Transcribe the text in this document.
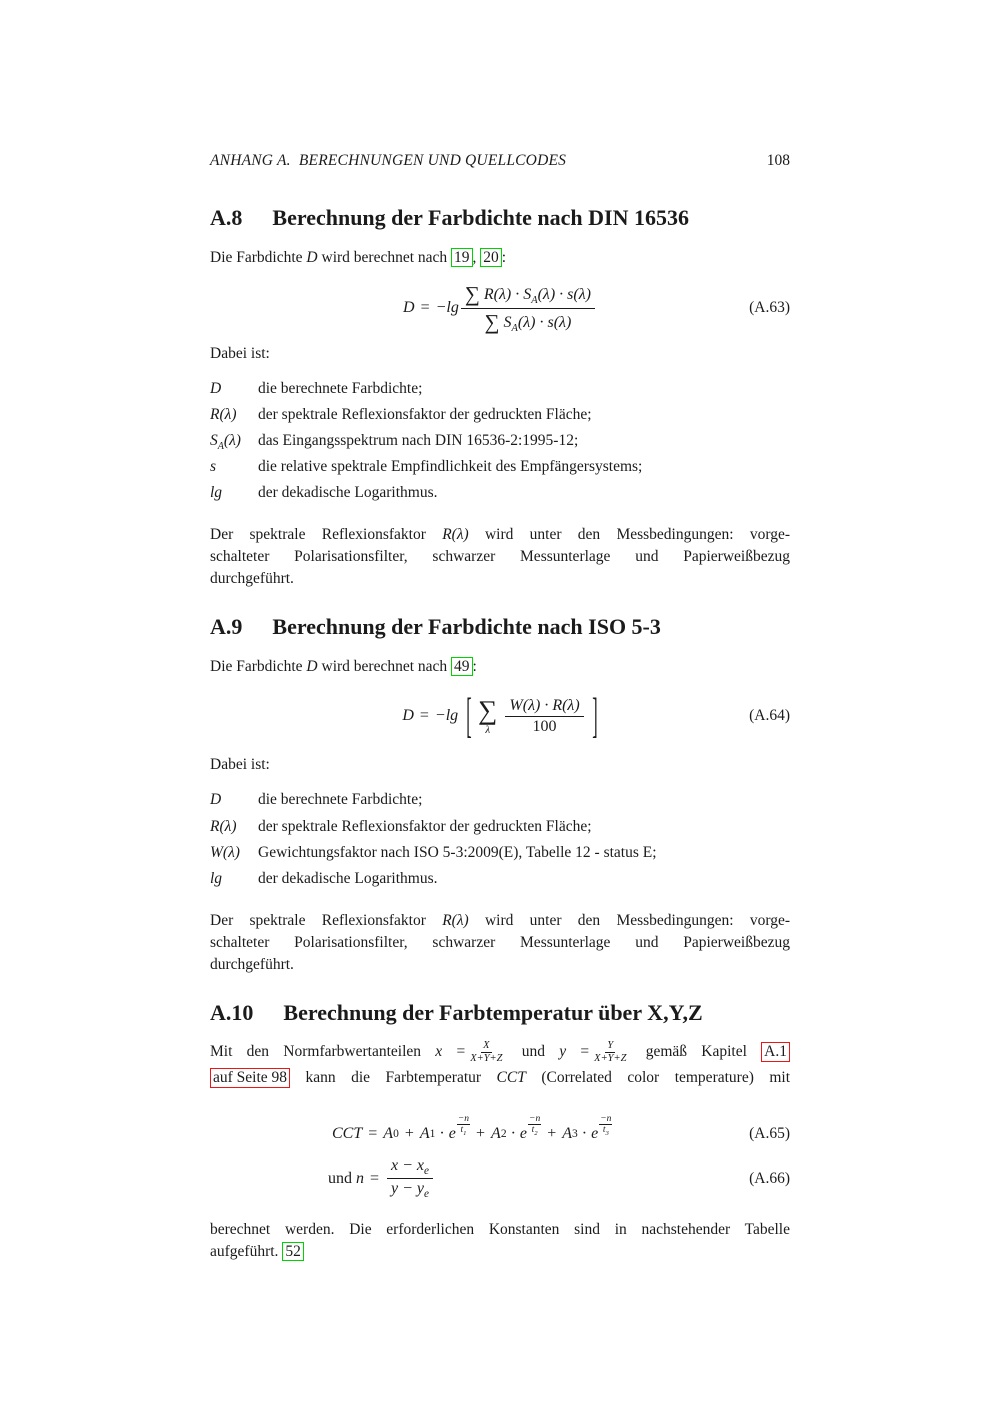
ANHANG A.  BERECHNUNGEN UND QUELLCODES	108
A.8 Berechnung der Farbdichte nach DIN 16536

Die Farbdichte D wird berechnet nach 19 , 20 :

$D = -\lg \frac{\sum R(\lambda) \cdot S_A(\lambda) \cdot s(\lambda)}{\sum S_A(\lambda) \cdot s(\lambda)}$	(A.63)

Dabei ist:

D	die berechnete Farbdichte;
R(λ)	der spektrale Reflexionsfaktor der gedruckten Fläche;
$S_A(\lambda)$	das Eingangsspektrum nach DIN 16536-2:1995-12;
s	die relative spektrale Empfindlichkeit des Empfängersystems;
lg	der dekadische Logarithmus.

Der spektrale Reflexionsfaktor R(λ) wird unter den Messbedingungen: vorge-

schalteter Polarisationsfilter, schwarzer Messunterlage und Papierweißbezug

durchgeführt.

A.9 Berechnung der Farbdichte nach ISO 5-3

Die Farbdichte D wird berechnet nach 49 :

D = −lg [ ∑
λ $\frac{W(\lambda) \cdot R(\lambda)}{100}$ ]	(A.64)

Dabei ist:

D	die berechnete Farbdichte;
R(λ)	der spektrale Reflexionsfaktor der gedruckten Fläche;
W(λ)	Gewichtungsfaktor nach ISO 5-3:2009(E), Tabelle 12 - status E;
lg	der dekadische Logarithmus.

Der spektrale Reflexionsfaktor R(λ) wird unter den Messbedingungen: vorge-

schalteter Polarisationsfilter, schwarzer Messunterlage und Papierweißbezug

durchgeführt.

A.10 Berechnung der Farbtemperatur über X,Y,Z

Mit den Normfarbwertanteilen $x = \frac{X}{X+Y+Z}$ und $y = \frac{Y}{X+Y+Z}$ gemäß Kapitel A.1

auf Seite 98 kann die Farbtemperatur CCT (Correlated color temperature) mit

CCT = A 0 + A 1 · e
−n
$t_1 + A$ 2 · e
−n
$t_2 + A$ 3 · e
−n
$t_3$	(A.65)
und $n = \frac{x - x_e}{y - y_e}$	(A.66)

berechnet werden. Die erforderlichen Konstanten sind in nachstehender Tabelle

aufgeführt. 52
